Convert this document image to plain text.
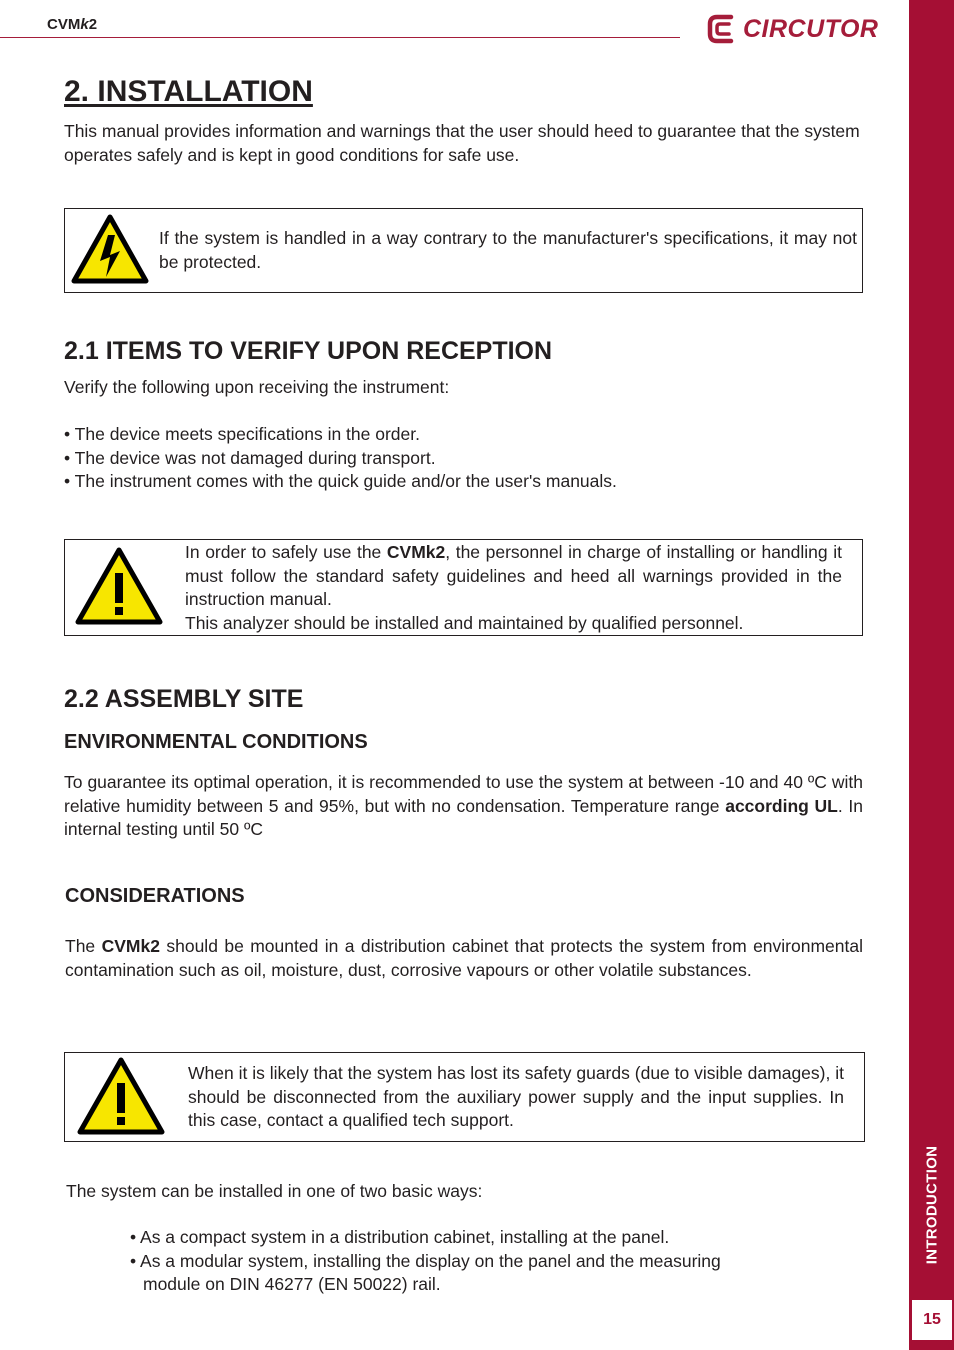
CVMk2	CIRCUTOR
INTRODUCTION
15
2. INSTALLATION
This manual provides information and warnings that the user should heed to guarantee that the system operates safely and is kept in good conditions for safe use.
If the system is handled in a way contrary to the manufacturer's specifications, it may not be protected.
2.1 ITEMS TO VERIFY UPON RECEPTION
Verify the following upon receiving the instrument:
• The device meets specifications in the order.
• The device was not damaged during transport.
• The instrument comes with the quick guide and/or the user's manuals.
In order to safely use the CVMk2, the personnel in charge of installing or handling it must follow the standard safety guidelines and heed all warnings provided in the instruction manual.
This analyzer should be installed and maintained by qualified personnel.
2.2 ASSEMBLY SITE
ENVIRONMENTAL CONDITIONS
To guarantee its optimal operation, it is recommended to use the system at between -10 and 40 ºC with relative humidity between 5 and 95%, but with no condensation. Temperature range according UL. In internal testing until 50 ºC
CONSIDERATIONS
The CVMk2 should be mounted in a distribution cabinet that protects the system from environmental contamination such as oil, moisture, dust, corrosive vapours or other volatile substances.
When it is likely that the system has lost its safety guards (due to visible damages), it should be disconnected from the auxiliary power supply and the input supplies. In this case, contact a qualified tech support.
The system can be installed in one of two basic ways:
• As a compact system in a distribution cabinet, installing at the panel.
• As a modular system, installing the display on the panel and the measuring
module on DIN 46277 (EN 50022) rail.
